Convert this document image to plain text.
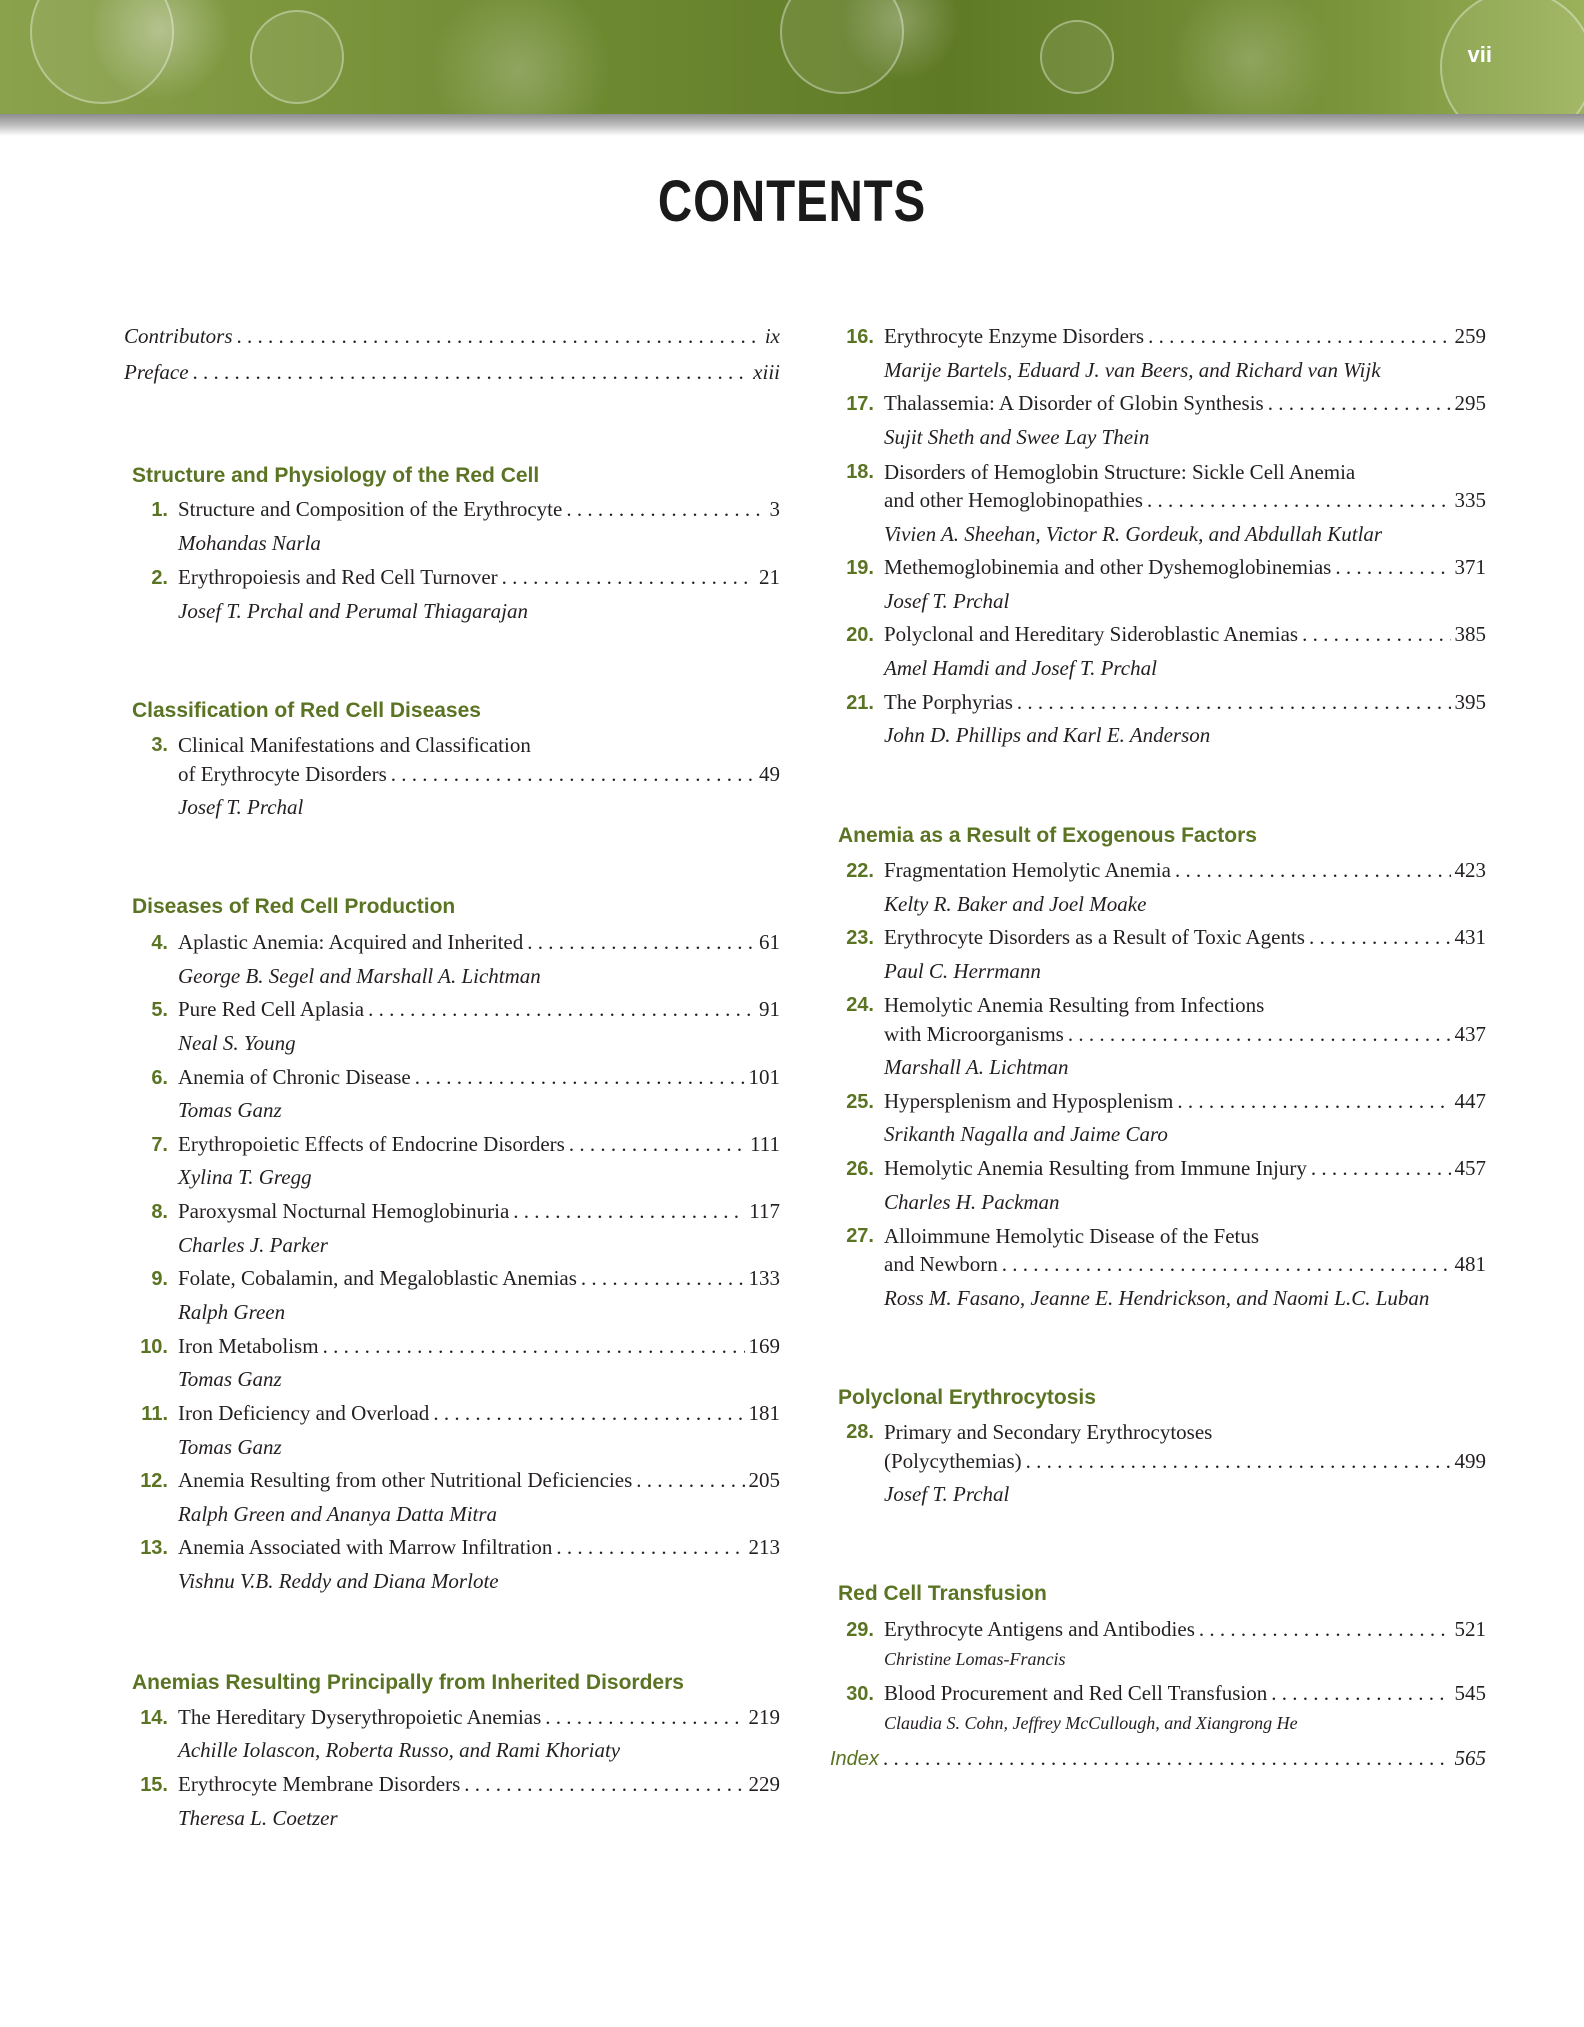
vii
CONTENTS
Contributors . . .	ix
Preface . . .	xiii
Structure and Physiology of the Red Cell
1. Structure and Composition of the Erythrocyte . . .	3
Mohandas Narla
2. Erythropoiesis and Red Cell Turnover . . .	21
Josef T. Prchal and Perumal Thiagarajan
Classification of Red Cell Diseases
3. Clinical Manifestations and Classification
of Erythrocyte Disorders . . .	49
Josef T. Prchal
Diseases of Red Cell Production
4. Aplastic Anemia: Acquired and Inherited . . .	61
George B. Segel and Marshall A. Lichtman
5. Pure Red Cell Aplasia . . .	91
Neal S. Young
6. Anemia of Chronic Disease . . .	101
Tomas Ganz
7. Erythropoietic Effects of Endocrine Disorders . . .	111
Xylina T. Gregg
8. Paroxysmal Nocturnal Hemoglobinuria . . .	117
Charles J. Parker
9. Folate, Cobalamin, and Megaloblastic Anemias . . .	133
Ralph Green
10. Iron Metabolism . . .	169
Tomas Ganz
11. Iron Deficiency and Overload . . .	181
Tomas Ganz
12. Anemia Resulting from other Nutritional Deficiencies . . .	205
Ralph Green and Ananya Datta Mitra
13. Anemia Associated with Marrow Infiltration . . .	213
Vishnu V.B. Reddy and Diana Morlote
Anemias Resulting Principally from Inherited Disorders
14. The Hereditary Dyserythropoietic Anemias . . .	219
Achille Iolascon, Roberta Russo, and Rami Khoriaty
15. Erythrocyte Membrane Disorders . . .	229
Theresa L. Coetzer
16. Erythrocyte Enzyme Disorders . . .	259
Marije Bartels, Eduard J. van Beers, and Richard van Wijk
17. Thalassemia: A Disorder of Globin Synthesis . . .	295
Sujit Sheth and Swee Lay Thein
18. Disorders of Hemoglobin Structure: Sickle Cell Anemia
and other Hemoglobinopathies . . .	335
Vivien A. Sheehan, Victor R. Gordeuk, and Abdullah Kutlar
19. Methemoglobinemia and other Dyshemoglobinemias . . .	371
Josef T. Prchal
20. Polyclonal and Hereditary Sideroblastic Anemias . . .	385
Amel Hamdi and Josef T. Prchal
21. The Porphyrias . . .	395
John D. Phillips and Karl E. Anderson
Anemia as a Result of Exogenous Factors
22. Fragmentation Hemolytic Anemia . . .	423
Kelty R. Baker and Joel Moake
23. Erythrocyte Disorders as a Result of Toxic Agents . . .	431
Paul C. Herrmann
24. Hemolytic Anemia Resulting from Infections
with Microorganisms . . .	437
Marshall A. Lichtman
25. Hypersplenism and Hyposplenism . . .	447
Srikanth Nagalla and Jaime Caro
26. Hemolytic Anemia Resulting from Immune Injury . . .	457
Charles H. Packman
27. Alloimmune Hemolytic Disease of the Fetus
and Newborn . . .	481
Ross M. Fasano, Jeanne E. Hendrickson, and Naomi L.C. Luban
Polyclonal Erythrocytosis
28. Primary and Secondary Erythrocytoses
(Polycythemias) . . .	499
Josef T. Prchal
Red Cell Transfusion
29. Erythrocyte Antigens and Antibodies . . .	521
Christine Lomas-Francis
30. Blood Procurement and Red Cell Transfusion . . .	545
Claudia S. Cohn, Jeffrey McCullough, and Xiangrong He
Index . . .	565
